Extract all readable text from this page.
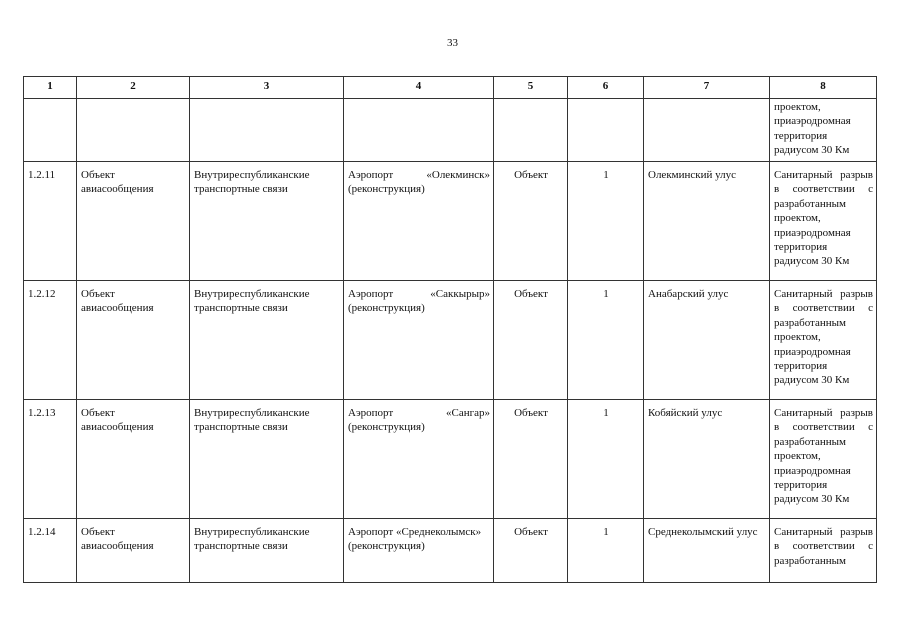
33
1	2	3	4	5	6	7	8
							проектом, приаэродромная территория радиусом 30 Км
1.2.11	Объект авиасообщения	Внутриреспубликанские транспортные связи	Аэропорт «Олекминск» (реконструкция)	Объект	1	Олекминский улус	Санитарный разрыв в соответствии с разработанным проектом, приаэродромная территория радиусом 30 Км
1.2.12	Объект авиасообщения	Внутриреспубликанские транспортные связи	Аэропорт «Саккырыр» (реконструкция)	Объект	1	Анабарский улус	Санитарный разрыв в соответствии с разработанным проектом, приаэродромная территория радиусом 30 Км
1.2.13	Объект авиасообщения	Внутриреспубликанские транспортные связи	Аэропорт «Сангар» (реконструкция)	Объект	1	Кобяйский улус	Санитарный разрыв в соответствии с разработанным проектом, приаэродромная территория радиусом 30 Км
1.2.14	Объект авиасообщения	Внутриреспубликанские транспортные связи	Аэропорт «Среднеколымск» (реконструкция)	Объект	1	Среднеколымский улус	Санитарный разрыв в соответствии с разработанным
